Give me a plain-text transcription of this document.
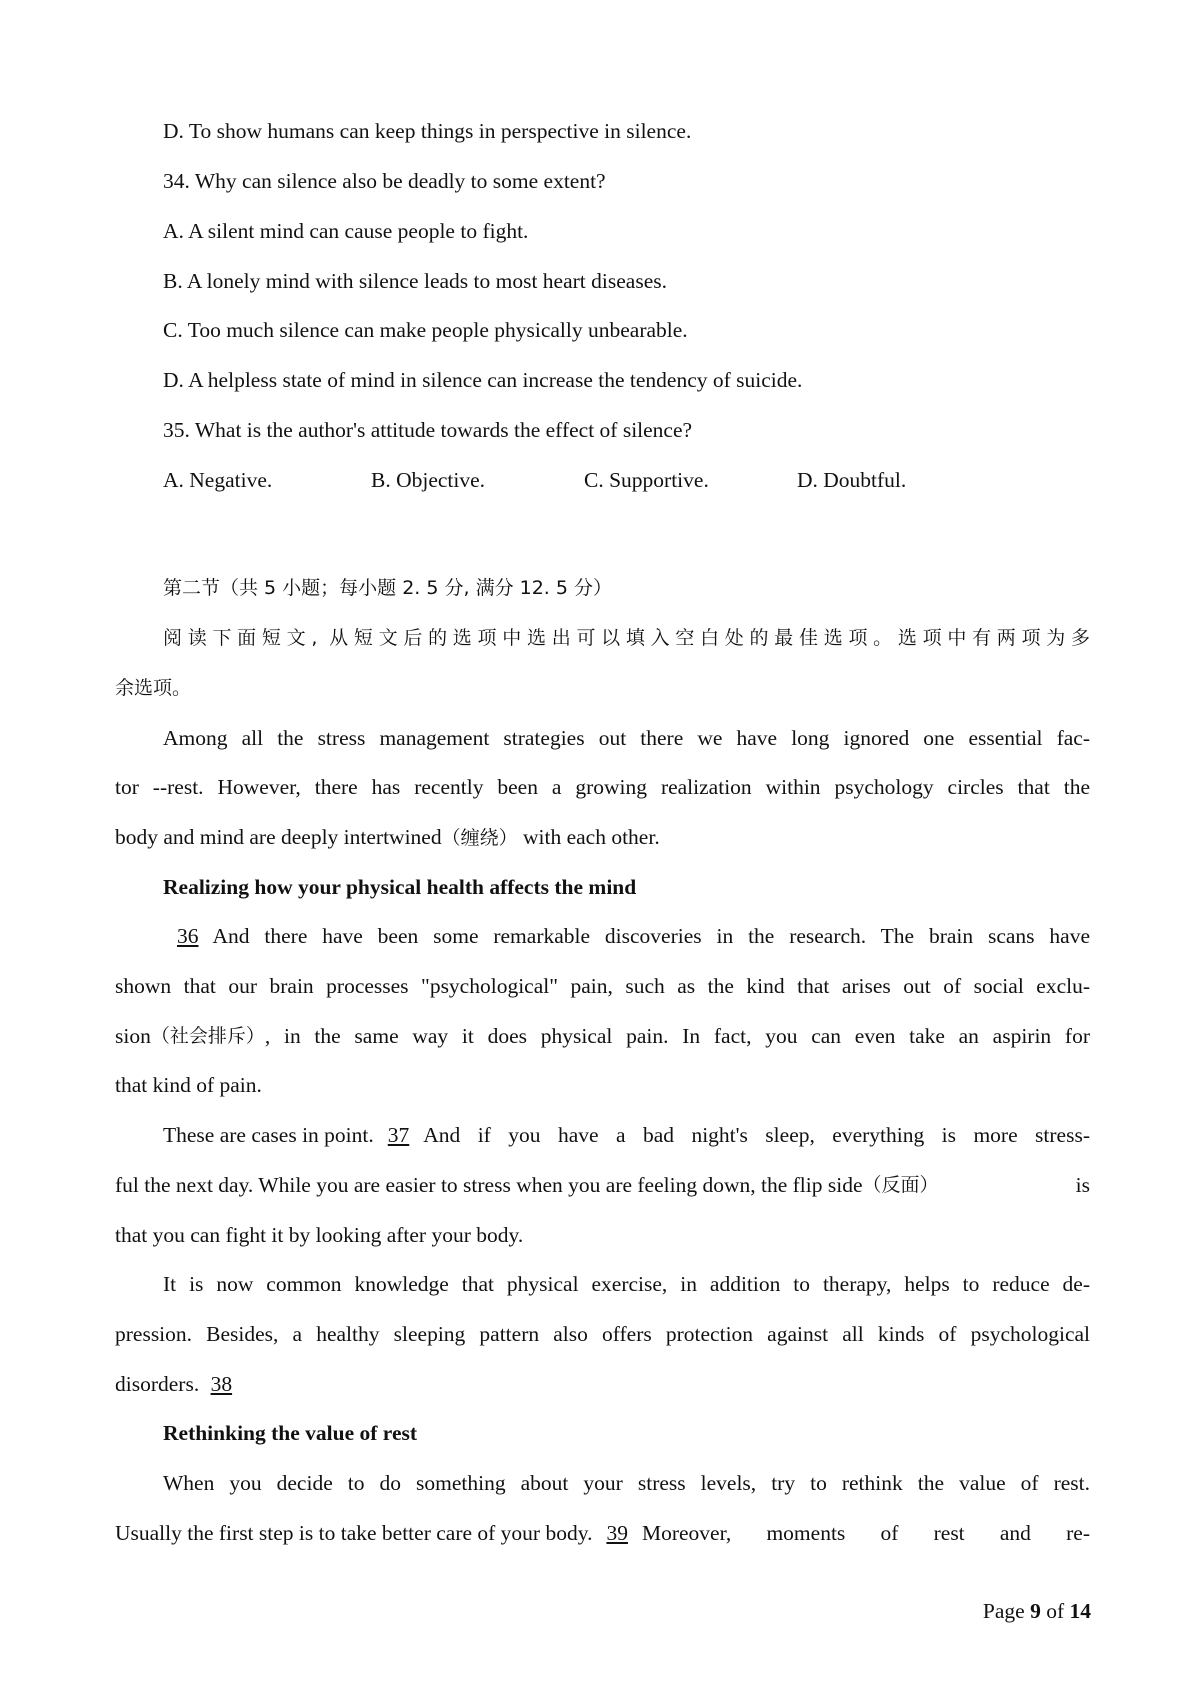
D. To show humans can keep things in perspective in silence.
34. Why can silence also be deadly to some extent?
A. A silent mind can cause people to fight.
B. A lonely mind with silence leads to most heart diseases.
C. Too much silence can make people physically unbearable.
D. A helpless state of mind in silence can increase the tendency of suicide.
35. What is the author's attitude towards the effect of silence?
A. Negative.	B. Objective.	C. Supportive.	D. Doubtful.
第二节（共 5 小题；每小题 2. 5 分, 满分 12. 5 分）
阅读下面短文, 从短文后的选项中选出可以填入空白处的最佳选项。选项中有两项为多
余选项。
Among all the stress management strategies out there we have long ignored one essential fac-
tor --rest. However, there has recently been a growing realization within psychology circles that the
body and mind are deeply intertwined（缠绕） with each other.
Realizing how your physical health affects the mind
36 And there have been some remarkable discoveries in the research. The brain scans have
shown that our brain processes "psychological" pain, such as the kind that arises out of social exclu-
sion （社会排斥） , in the same way it does physical pain. In fact, you can even take an aspirin for
that kind of pain.
These are cases in point. 37 And if you have a bad night's sleep, everything is more stress-
ful the next day. While you are easier to stress when you are feeling down, the flip side （反面）	is
that you can fight it by looking after your body.
It is now common knowledge that physical exercise, in addition to therapy, helps to reduce de-
pression. Besides, a healthy sleeping pattern also offers protection against all kinds of psychological
disorders. 38
Rethinking the value of rest
When you decide to do something about your stress levels, try to rethink the value of rest.
Usually the first step is to take better care of your body. 39 Moreover, moments of rest and re-
Page 9 of 14
